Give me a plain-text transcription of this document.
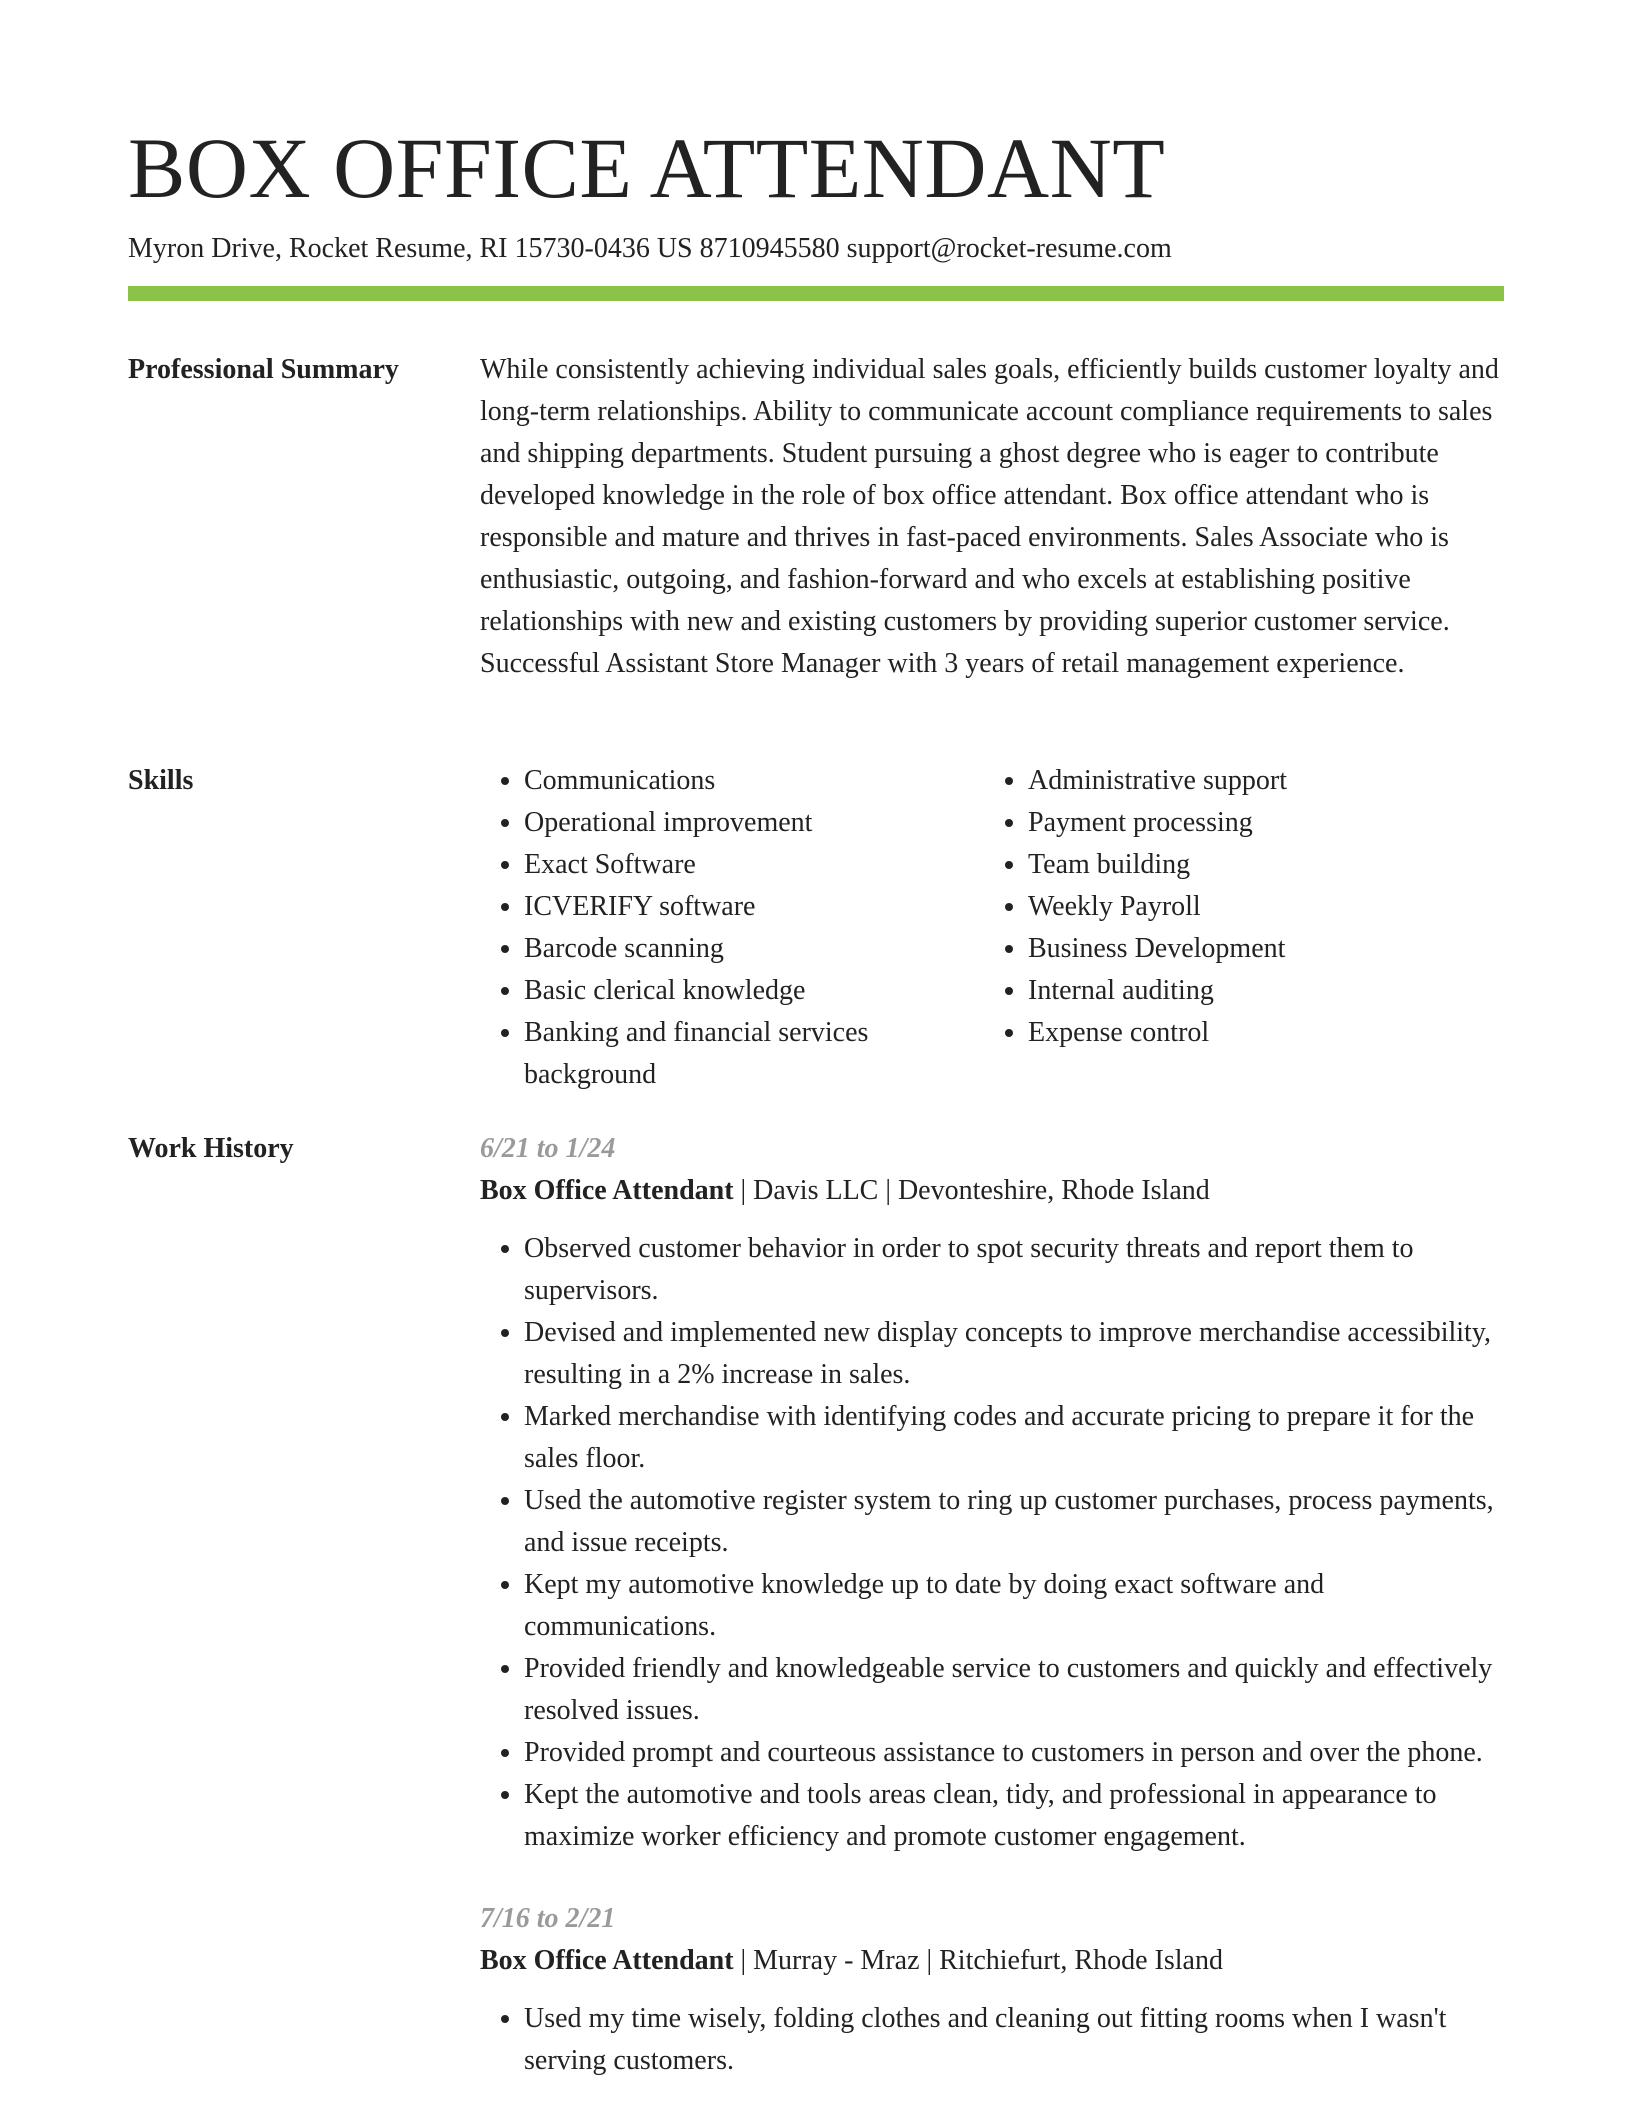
BOX OFFICE ATTENDANT
Myron Drive, Rocket Resume, RI 15730-0436 US 8710945580 support@rocket-resume.com
Professional Summary	While consistently achieving individual sales goals, efficiently builds customer loyalty and long-term relationships. Ability to communicate account compliance requirements to sales and shipping departments. Student pursuing a ghost degree who is eager to contribute developed knowledge in the role of box office attendant. Box office attendant who is responsible and mature and thrives in fast-paced environments. Sales Associate who is enthusiastic, outgoing, and fashion-forward and who excels at establishing positive relationships with new and existing customers by providing superior customer service. Successful Assistant Store Manager with 3 years of retail management experience.

Skills
•	Communications
• Operational improvement
• Exact Software
• ICVERIFY software
• Barcode scanning
• Basic clerical knowledge
• Banking and financial services background
• Administrative support
• Payment processing
• Team building
• Weekly Payroll
• Business Development
• Internal auditing
• Expense control
Work History	6/21 to 1/24
Box Office Attendant | Davis LLC | Devonteshire, Rhode Island
• Observed customer behavior in order to spot security threats and report them to supervisors.
• Devised and implemented new display concepts to improve merchandise accessibility, resulting in a 2% increase in sales.
• Marked merchandise with identifying codes and accurate pricing to prepare it for the sales floor.
• Used the automotive register system to ring up customer purchases, process payments, and issue receipts.
• Kept my automotive knowledge up to date by doing exact software and communications.
• Provided friendly and knowledgeable service to customers and quickly and effectively resolved issues.
• Provided prompt and courteous assistance to customers in person and over the phone.
• Kept the automotive and tools areas clean, tidy, and professional in appearance to maximize worker efficiency and promote customer engagement.
7/16 to 2/21
Box Office Attendant | Murray - Mraz | Ritchiefurt, Rhode Island
• Used my time wisely, folding clothes and cleaning out fitting rooms when I wasn't serving customers.
